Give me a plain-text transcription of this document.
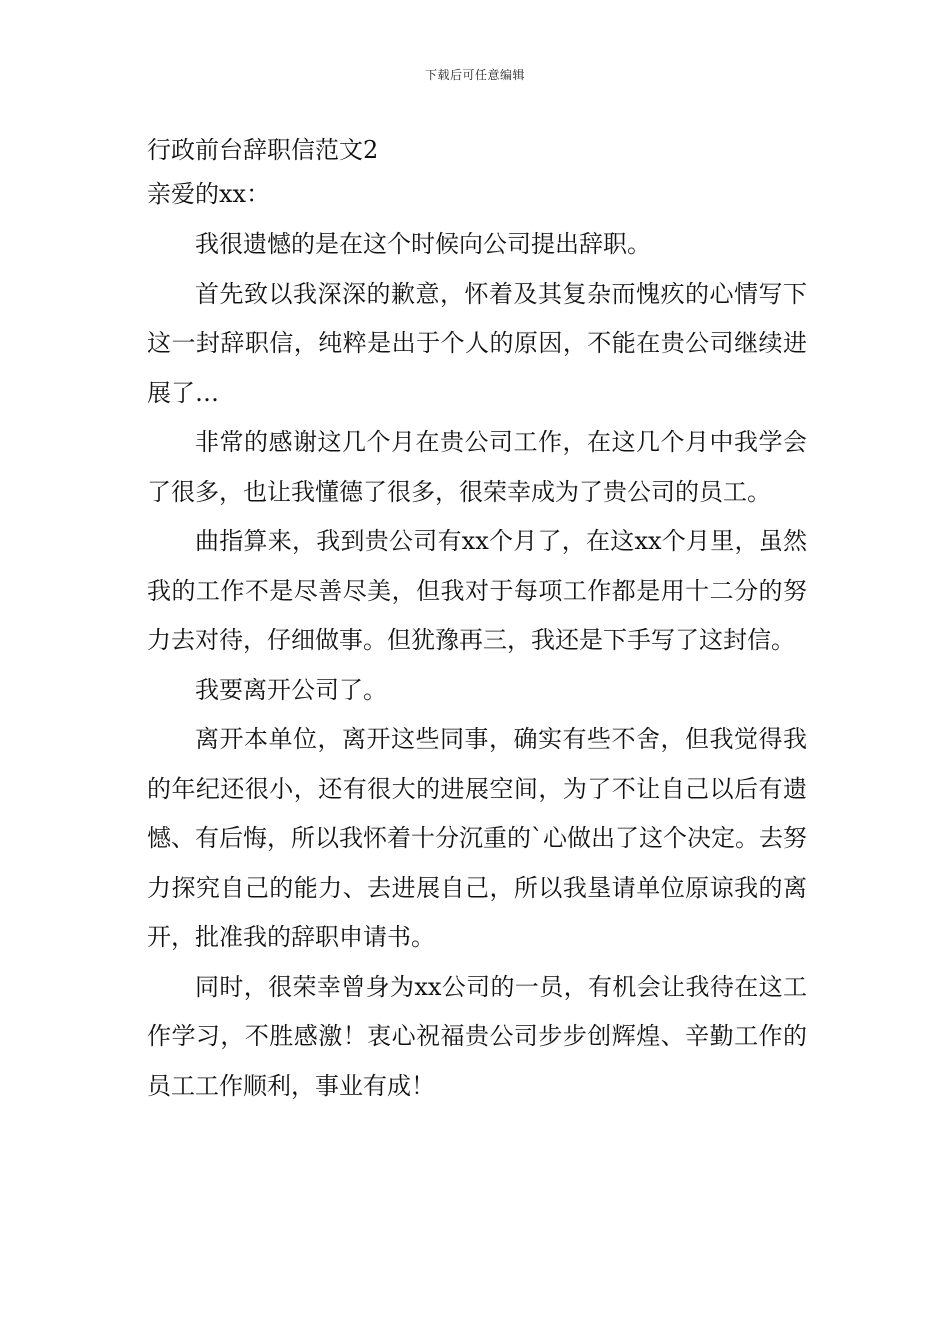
下载后可任意编辑

行政前台辞职信范文2

亲爱的xx：

我很遗憾的是在这个时候向公司提出辞职。

首先致以我深深的歉意，怀着及其复杂而愧疚的心情写下这一封辞职信，纯粹是出于个人的原因，不能在贵公司继续进展了…

非常的感谢这几个月在贵公司工作，在这几个月中我学会了很多，也让我懂德了很多，很荣幸成为了贵公司的员工。

曲指算来，我到贵公司有xx个月了，在这xx个月里，虽然我的工作不是尽善尽美，但我对于每项工作都是用十二分的努力去对待，仔细做事。但犹豫再三，我还是下手写了这封信。

我要离开公司了。

离开本单位，离开这些同事，确实有些不舍，但我觉得我的年纪还很小，还有很大的进展空间，为了不让自己以后有遗憾、有后悔，所以我怀着十分沉重的`心做出了这个决定。去努力探究自己的能力、去进展自己，所以我垦请单位原谅我的离开，批准我的辞职申请书。

同时，很荣幸曾身为xx公司的一员，有机会让我待在这工作学习，不胜感激！衷心祝福贵公司步步创辉煌、辛勤工作的员工工作顺利，事业有成！
